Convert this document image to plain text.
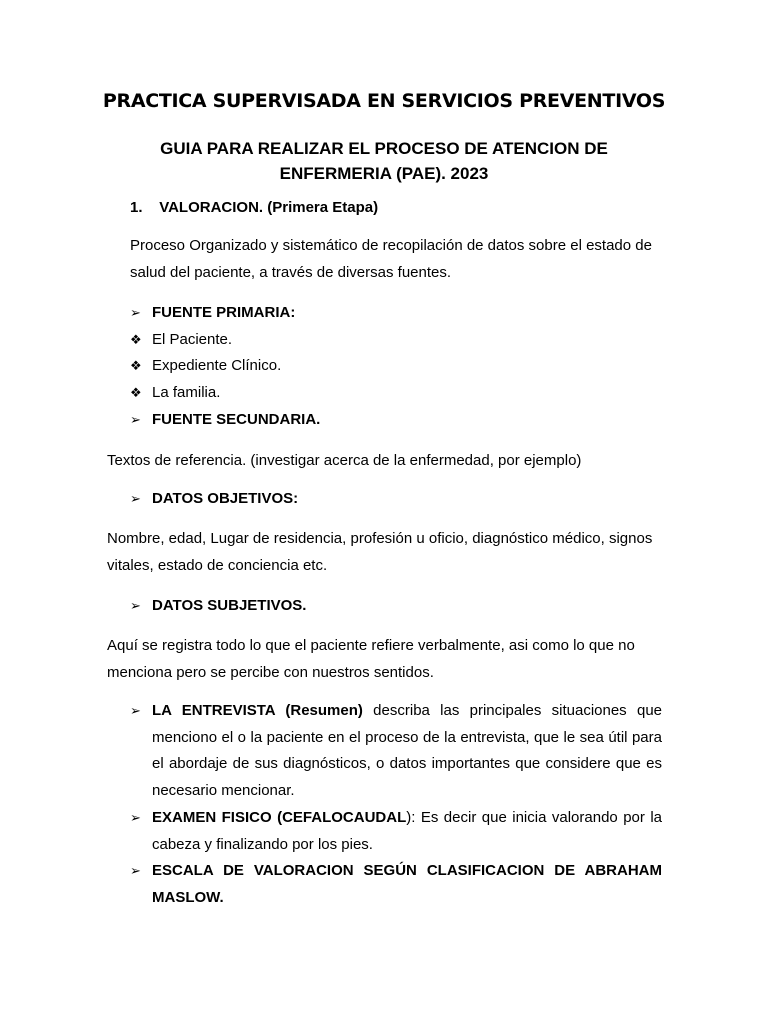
PRACTICA SUPERVISADA EN SERVICIOS PREVENTIVOS
GUIA PARA REALIZAR EL PROCESO DE ATENCION DE
ENFERMERIA (PAE). 2023
1. VALORACION. (Primera Etapa)
Proceso Organizado y sistemático de recopilación de datos sobre el estado de
salud del paciente, a través de diversas fuentes.
➢ FUENTE PRIMARIA:
❖ El Paciente.
❖ Expediente Clínico.
❖ La familia.
➢ FUENTE SECUNDARIA.
Textos de referencia. (investigar acerca de la enfermedad, por ejemplo)
➢ DATOS OBJETIVOS:
Nombre, edad, Lugar de residencia, profesión u oficio, diagnóstico médico, signos
vitales, estado de conciencia etc.
➢ DATOS SUBJETIVOS.
Aquí se registra todo lo que el paciente refiere verbalmente, asi como lo que no
menciona pero se percibe con nuestros sentidos.
➢ LA ENTREVISTA (Resumen) describa las principales situaciones que menciono el o la paciente en el proceso de la entrevista, que le sea útil para el abordaje de sus diagnósticos, o datos importantes que considere que es necesario mencionar.
➢ EXAMEN FISICO (CEFALOCAUDAL): Es decir que inicia valorando por la cabeza y finalizando por los pies.
➢ ESCALA DE VALORACION SEGÚN CLASIFICACION DE ABRAHAM MASLOW.
